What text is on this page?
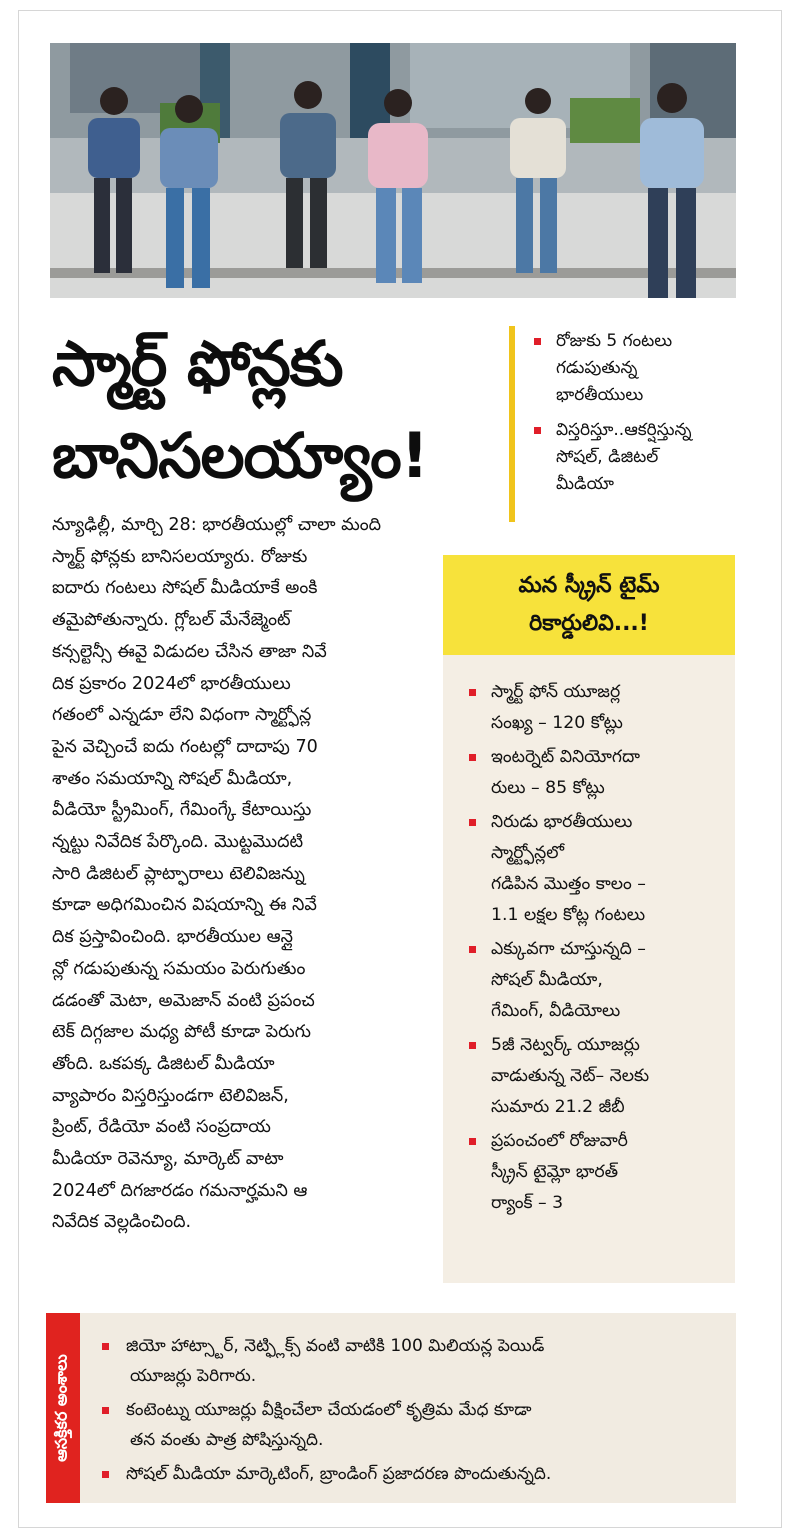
స్మార్ట్ ఫోన్లకు
బానిసలయ్యాం!
రోజుకు 5 గంటలు
గడుపుతున్న
భారతీయులు
విస్తరిస్తూ..ఆకర్షిస్తున్న
సోషల్, డిజిటల్
మీడియా
న్యూఢిల్లీ, మార్చి 28: భారతీయుల్లో చాలా మంది
స్మార్ట్ ఫోన్లకు బానిసలయ్యారు. రోజుకు
ఐదారు గంటలు సోషల్ మీడియాకే అంకి
తమైపోతున్నారు. గ్లోబల్ మేనేజ్మెంట్
కన్సల్టెన్సీ ఈవై విడుదల చేసిన తాజా నివే
దిక ప్రకారం 2024లో భారతీయులు
గతంలో ఎన్నడూ లేని విధంగా స్మార్ట్ఫోన్ల
పైన వెచ్చించే ఐదు గంటల్లో దాదాపు 70
శాతం సమయాన్ని సోషల్ మీడియా,
వీడియో స్ట్రీమింగ్, గేమింగ్కే కేటాయిస్తు
న్నట్టు నివేదిక పేర్కొంది. మొట్టమొదటి
సారి డిజిటల్ ప్లాట్ఫారాలు టెలివిజన్ను
కూడా అధిగమించిన విషయాన్ని ఈ నివే
దిక ప్రస్తావించింది. భారతీయుల ఆన్లై
న్లో గడుపుతున్న సమయం పెరుగుతుం
డడంతో మెటా, అమెజాన్ వంటి ప్రపంచ
టెక్ దిగ్గజాల మధ్య పోటీ కూడా పెరుగు
తోంది. ఒకపక్క డిజిటల్ మీడియా
వ్యాపారం విస్తరిస్తుండగా టెలివిజన్,
ప్రింట్, రేడియో వంటి సంప్రదాయ
మీడియా రెవెన్యూ, మార్కెట్ వాటా
2024లో దిగజారడం గమనార్హమని ఆ
నివేదిక వెల్లడించింది.
మన స్క్రీన్ టైమ్
రికార్డులివి...!
స్మార్ట్ ఫోన్ యూజర్ల
సంఖ్య – 120 కోట్లు
ఇంటర్నెట్ వినియోగదా
రులు – 85 కోట్లు
నిరుడు భారతీయులు
స్మార్ట్ఫోన్లలో
గడిపిన మొత్తం కాలం –
1.1 లక్షల కోట్ల గంటలు
ఎక్కువగా చూస్తున్నది –
సోషల్ మీడియా,
గేమింగ్, వీడియోలు
5జీ నెట్వర్క్ యూజర్లు
వాడుతున్న నెట్– నెలకు
సుమారు 21.2 జీబీ
ప్రపంచంలో రోజువారీ
స్క్రీన్ టైమ్లో భారత్
ర్యాంక్ – 3
ఆసక్తికర అంశాలు
జియో హాట్స్టార్, నెట్ఫ్లిక్స్ వంటి వాటికి 100 మిలియన్ల పెయిడ్
యూజర్లు పెరిగారు.
కంటెంట్ను యూజర్లు వీక్షించేలా చేయడంలో కృత్రిమ మేధ కూడా
తన వంతు పాత్ర పోషిస్తున్నది.
సోషల్ మీడియా మార్కెటింగ్, బ్రాండింగ్ ప్రజాదరణ పొందుతున్నది.
